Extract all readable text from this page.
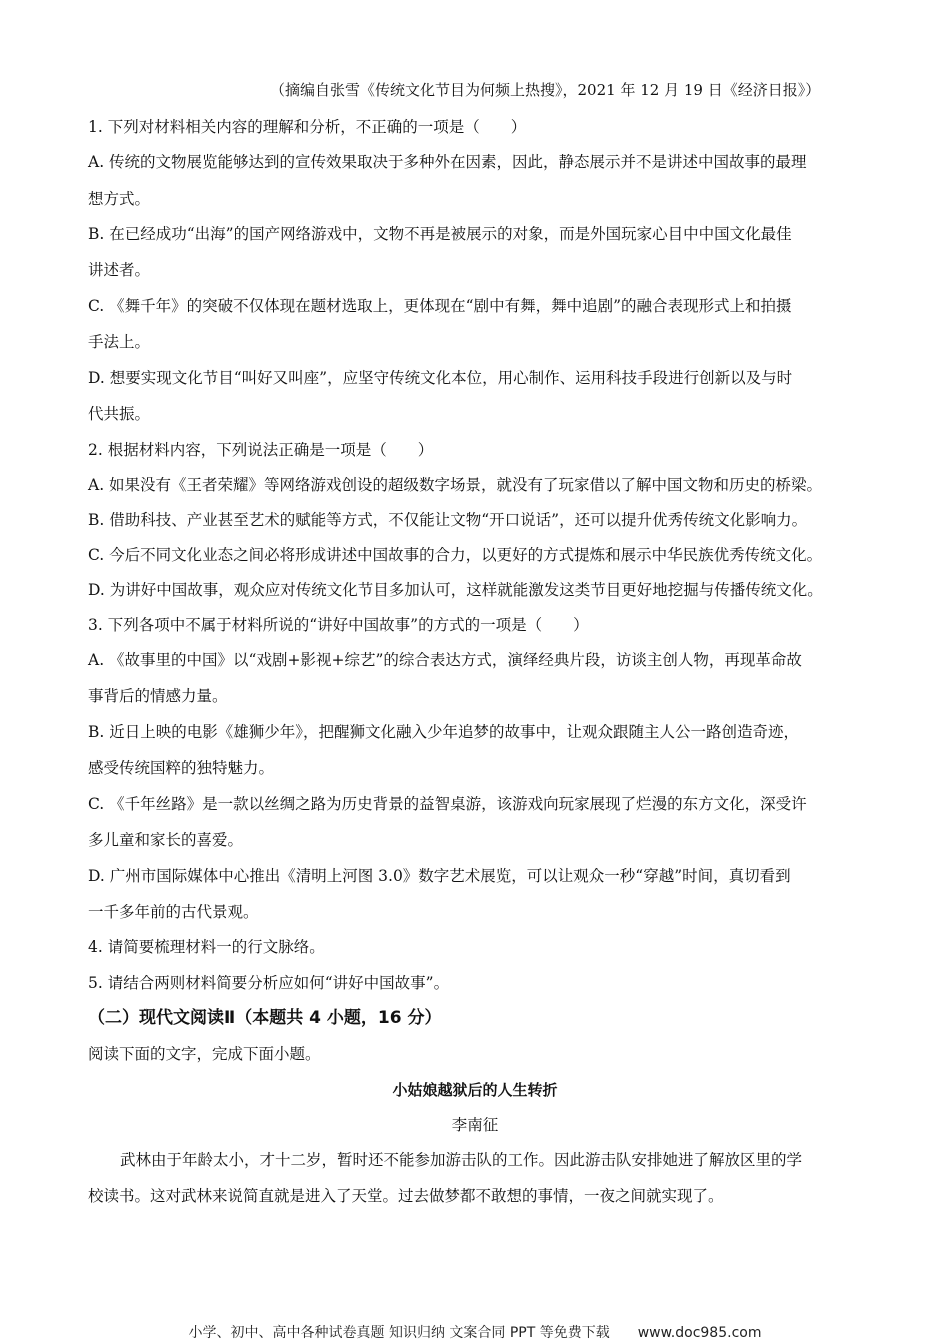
（摘编自张雪《传统文化节目为何频上热搜》，2021 年 12 月 19 日《经济日报》）
1. 下列对材料相关内容的理解和分析，不正确的一项是（　　）
A. 传统的文物展览能够达到的宣传效果取决于多种外在因素，因此，静态展示并不是讲述中国故事的最理
想方式。
B. 在已经成功“出海”的国产网络游戏中，文物不再是被展示的对象，而是外国玩家心目中中国文化最佳
讲述者。
C. 《舞千年》的突破不仅体现在题材选取上，更体现在“剧中有舞，舞中追剧”的融合表现形式上和拍摄
手法上。
D. 想要实现文化节目“叫好又叫座”，应坚守传统文化本位，用心制作、运用科技手段进行创新以及与时
代共振。
2. 根据材料内容，下列说法正确是一项是（　　）
A. 如果没有《王者荣耀》等网络游戏创设的超级数字场景，就没有了玩家借以了解中国文物和历史的桥梁。
B. 借助科技、产业甚至艺术的赋能等方式，不仅能让文物“开口说话”，还可以提升优秀传统文化影响力。
C. 今后不同文化业态之间必将形成讲述中国故事的合力，以更好的方式提炼和展示中华民族优秀传统文化。
D. 为讲好中国故事，观众应对传统文化节目多加认可，这样就能激发这类节目更好地挖掘与传播传统文化。
3. 下列各项中不属于材料所说的“讲好中国故事”的方式的一项是（　　）
A. 《故事里的中国》以“戏剧+影视+综艺”的综合表达方式，演绎经典片段，访谈主创人物，再现革命故
事背后的情感力量。
B. 近日上映的电影《雄狮少年》，把醒狮文化融入少年追梦的故事中，让观众跟随主人公一路创造奇迹，
感受传统国粹的独特魅力。
C. 《千年丝路》是一款以丝绸之路为历史背景的益智桌游，该游戏向玩家展现了烂漫的东方文化，深受许
多儿童和家长的喜爱。
D. 广州市国际媒体中心推出《清明上河图 3.0》数字艺术展览，可以让观众一秒“穿越”时间，真切看到
一千多年前的古代景观。
4. 请简要梳理材料一的行文脉络。
5. 请结合两则材料简要分析应如何“讲好中国故事”。
（二）现代文阅读Ⅱ（本题共 4 小题，16 分）
阅读下面的文字，完成下面小题。
小姑娘越狱后的人生转折
李南征
武林由于年龄太小，才十二岁，暂时还不能参加游击队的工作。因此游击队安排她进了解放区里的学
校读书。这对武林来说简直就是进入了天堂。过去做梦都不敢想的事情，一夜之间就实现了。
小学、初中、高中各种试卷真题 知识归纳 文案合同 PPT 等免费下载　　www.doc985.com
